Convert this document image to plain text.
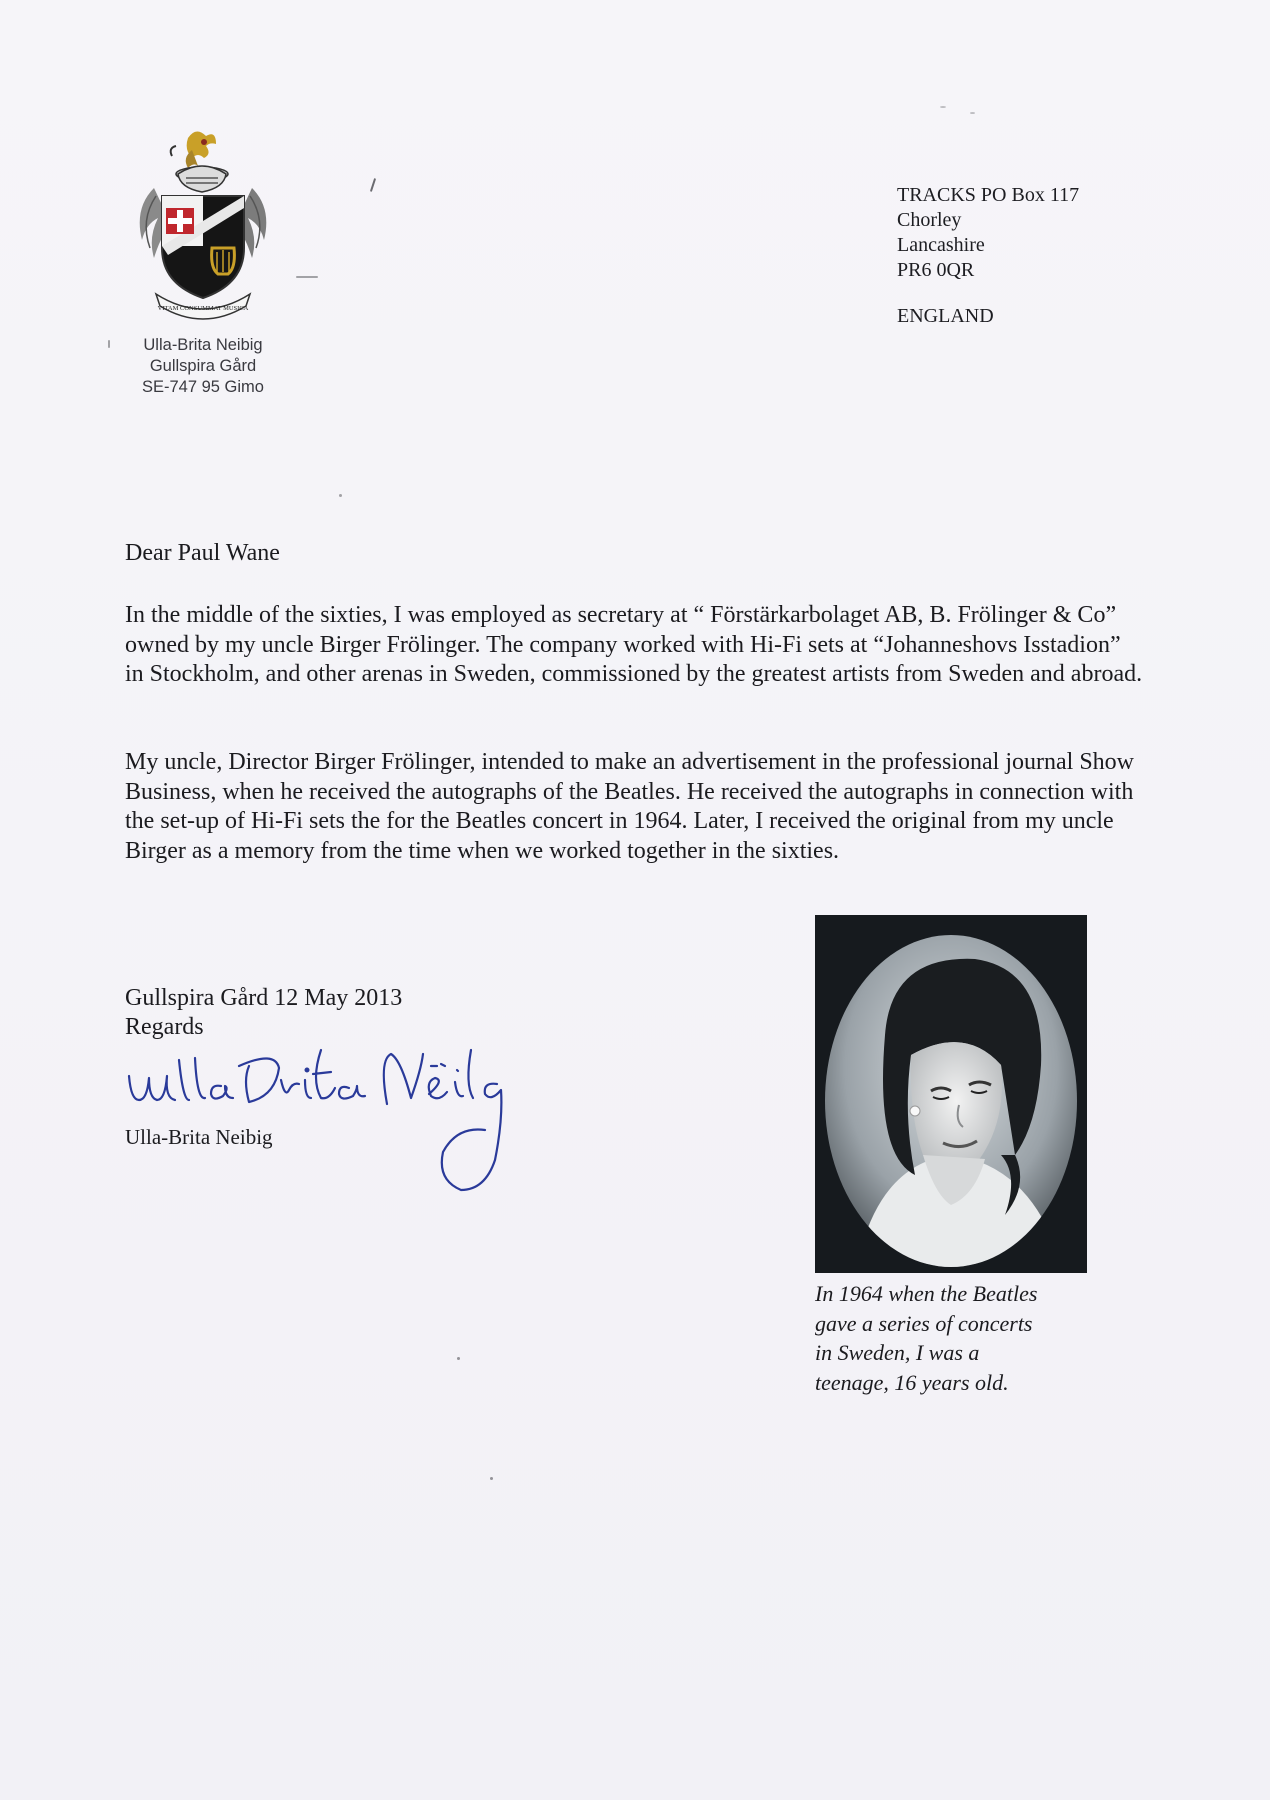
VITAM CONSUMMAT MUSICA
Ulla-Brita Neibig
Gullspira Gård
SE-747 95 Gimo
TRACKS PO Box 117
Chorley
Lancashire
PR6 0QR
ENGLAND
Dear Paul Wane

In the middle of the sixties, I was employed as secretary at “ Förstärkarbolaget AB, B. Frölinger & Co” owned by my uncle Birger Frölinger. The company worked with Hi-Fi sets at “Johanneshovs Isstadion” in Stockholm, and other arenas in Sweden, commissioned by the greatest artists from Sweden and abroad.

My uncle, Director Birger Frölinger, intended to make an advertisement in the professional journal Show Business, when he received the autographs of the Beatles. He received the autographs in connection with the set-up of Hi-Fi sets the for the Beatles concert in 1964. Later, I received the original from my uncle Birger as a memory from the time when we worked together in the sixties.

Gullspira Gård 12 May 2013
Regards
Ulla-Brita Neibig
In 1964 when the Beatles
gave a series of concerts
in Sweden, I was a
teenage, 16 years old.
